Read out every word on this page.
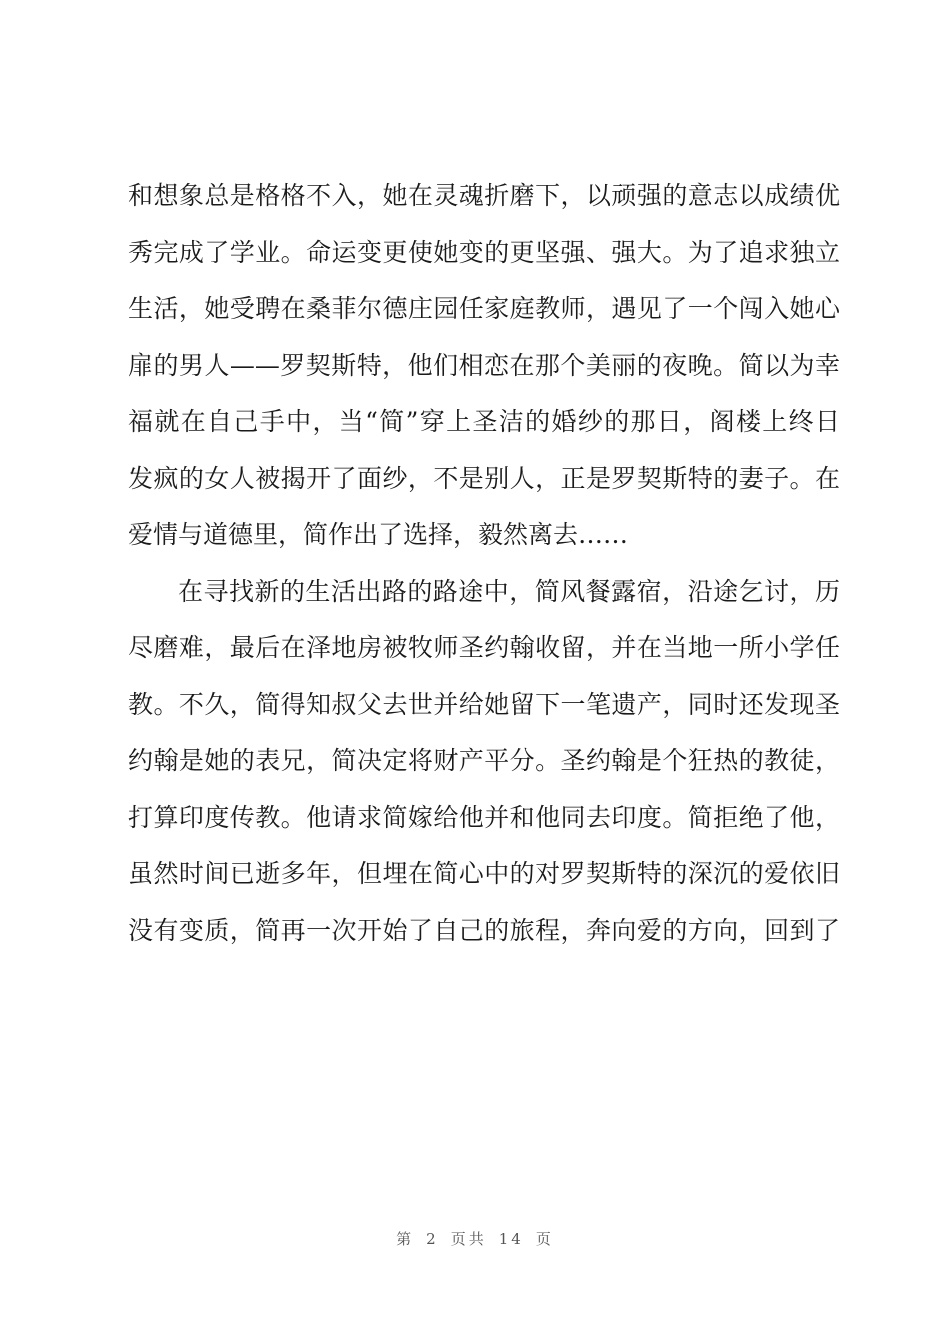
和想象总是格格不入，她在灵魂折磨下，以顽强的意志以成绩优
秀完成了学业。命运变更使她变的更坚强、强大。为了追求独立
生活，她受聘在桑菲尔德庄园任家庭教师，遇见了一个闯入她心
扉的男人——罗契斯特，他们相恋在那个美丽的夜晚。简以为幸
福就在自己手中，当“简”穿上圣洁的婚纱的那日，阁楼上终日
发疯的女人被揭开了面纱，不是别人，正是罗契斯特的妻子。在
爱情与道德里，简作出了选择，毅然离去……
在寻找新的生活出路的路途中，简风餐露宿，沿途乞讨，历
尽磨难，最后在泽地房被牧师圣约翰收留，并在当地一所小学任
教。不久，简得知叔父去世并给她留下一笔遗产，同时还发现圣
约翰是她的表兄，简决定将财产平分。圣约翰是个狂热的教徒，
打算印度传教。他请求简嫁给他并和他同去印度。简拒绝了他，
虽然时间已逝多年，但埋在简心中的对罗契斯特的深沉的爱依旧
没有变质，简再一次开始了自己的旅程，奔向爱的方向，回到了
第 2 页共 14 页
